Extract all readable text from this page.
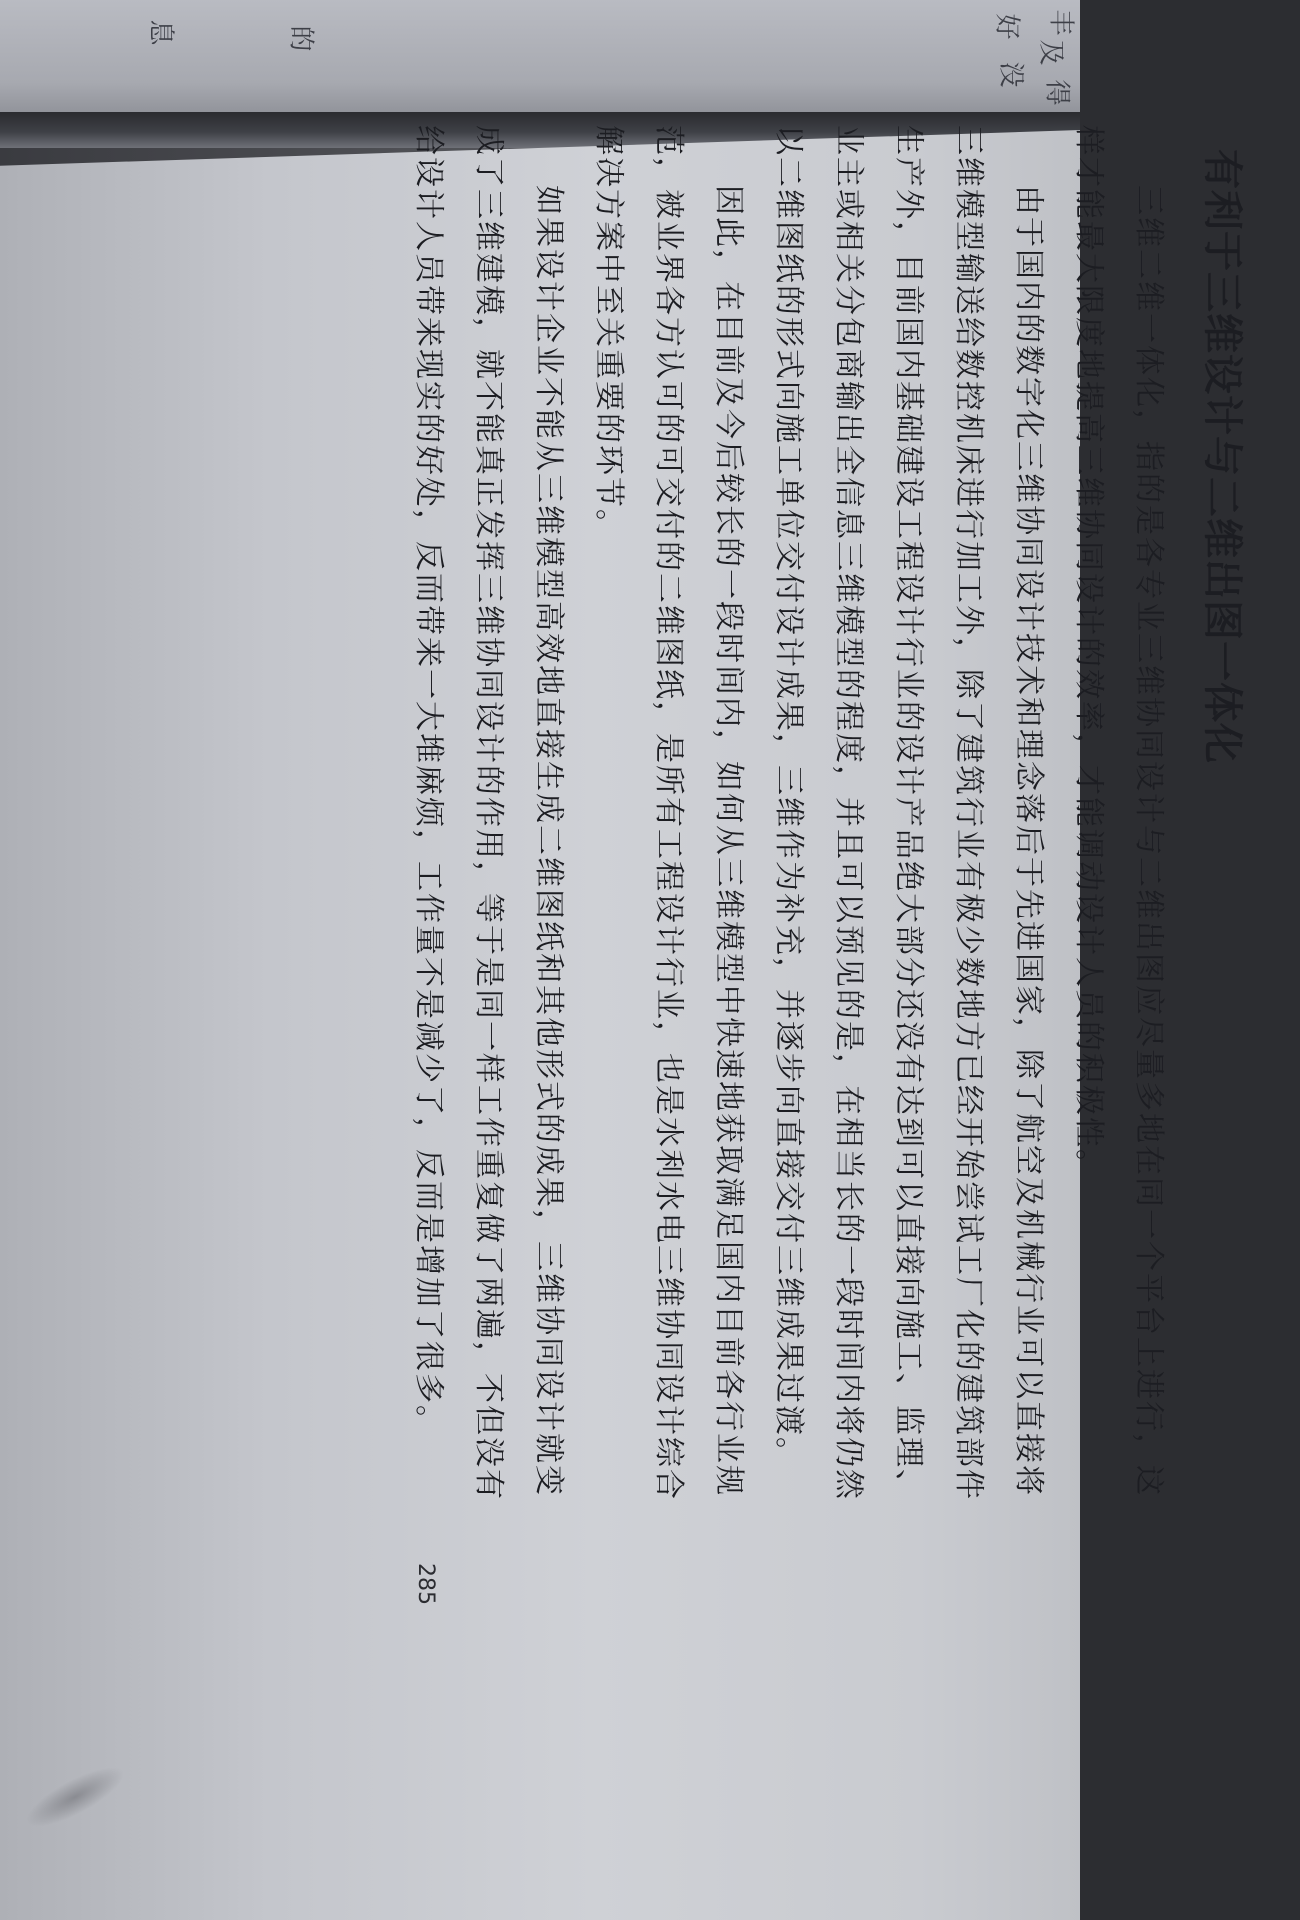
及
好
没
丰
得
的
息
有利于三维设计与二维出图一体化
三维二维一体化，指的是各专业三维协同设计与二维出图应尽量多地在同一个平台上进行，这
样才能最大限度地提高三维协同设计的效率，才能调动设计人员的积极性。
由于国内的数字化三维协同设计技术和理念落后于先进国家，除了航空及机械行业可以直接将
三维模型输送给数控机床进行加工外，除了建筑行业有极少数地方已经开始尝试工厂化的建筑部件
生产外，目前国内基础建设工程设计行业的设计产品绝大部分还没有达到可以直接向施工、监理、
业主或相关分包商输出全信息三维模型的程度，并且可以预见的是，在相当长的一段时间内将仍然
以二维图纸的形式向施工单位交付设计成果，三维作为补充，并逐步向直接交付三维成果过渡。
因此，在目前及今后较长的一段时间内，如何从三维模型中快速地获取满足国内目前各行业规
范，被业界各方认可的可交付的二维图纸，是所有工程设计行业，也是水利水电三维协同设计综合
解决方案中至关重要的环节。
如果设计企业不能从三维模型高效地直接生成二维图纸和其他形式的成果，三维协同设计就变
成了三维建模，就不能真正发挥三维协同设计的作用，等于是同一样工作重复做了两遍，不但没有
给设计人员带来现实的好处，反而带来一大堆麻烦，工作量不是减少了，反而是增加了很多。
285
